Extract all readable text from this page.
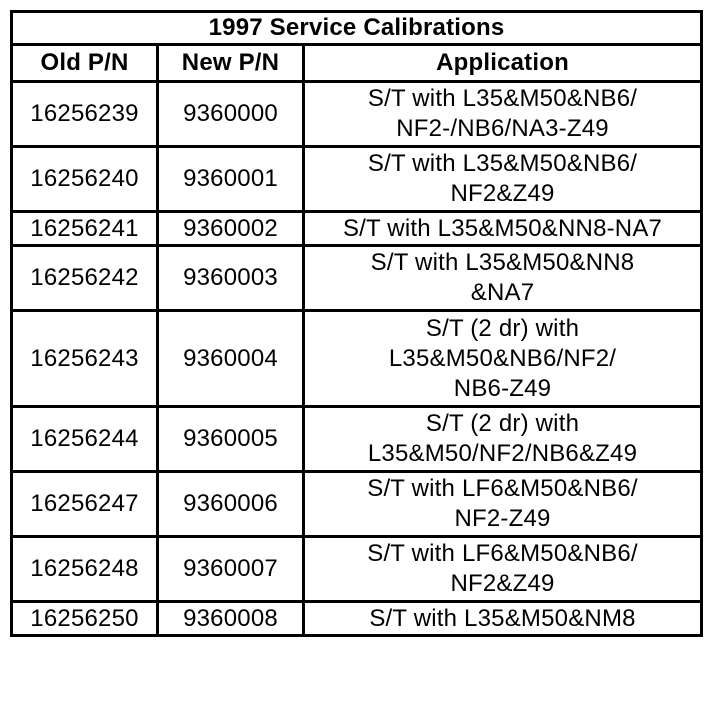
1997 Service Calibrations		
Old P/N	New P/N	Application
16256239	9360000	S/T with L35&M50&NB6/
NF2-/NB6/NA3-Z49

16256240	9360001	S/T with L35&M50&NB6/
NF2&Z49

16256241	9360002	S/T with L35&M50&NN8-NA7

16256242	9360003	S/T with L35&M50&NN8
&NA7

16256243	9360004	S/T (2 dr) with
L35&M50&NB6/NF2/
NB6-Z49

16256244	9360005	S/T (2 dr) with
L35&M50/NF2/NB6&Z49

16256247	9360006	S/T with LF6&M50&NB6/
NF2-Z49

16256248	9360007	S/T with LF6&M50&NB6/
NF2&Z49

16256250	9360008	S/T with L35&M50&NM8
